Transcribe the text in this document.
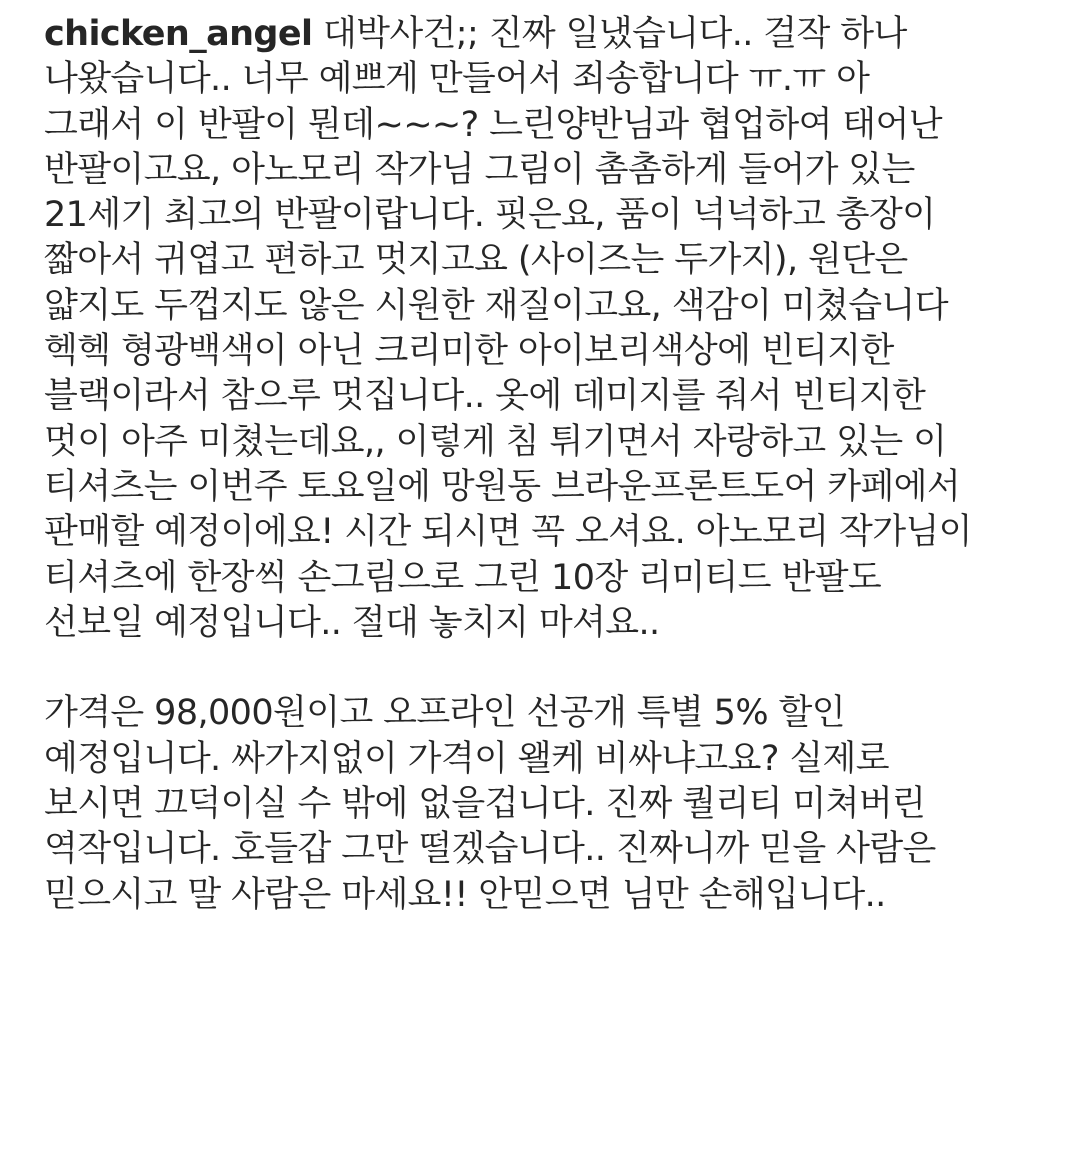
chicken_angel 대박사건;; 진짜 일냈습니다.. 걸작 하나
나왔습니다.. 너무 예쁘게 만들어서 죄송합니다 ㅠ.ㅠ 아
그래서 이 반팔이 뭔데~~~? 느린양반님과 협업하여 태어난
반팔이고요, 아노모리 작가님 그림이 촘촘하게 들어가 있는
21세기 최고의 반팔이랍니다. 핏은요, 품이 넉넉하고 총장이
짧아서 귀엽고 편하고 멋지고요 (사이즈는 두가지), 원단은
얇지도 두껍지도 않은 시원한 재질이고요, 색감이 미쳤습니다
헥헥 형광백색이 아닌 크리미한 아이보리색상에 빈티지한
블랙이라서 참으루 멋집니다.. 옷에 데미지를 줘서 빈티지한
멋이 아주 미쳤는데요,, 이렇게 침 튀기면서 자랑하고 있는 이
티셔츠는 이번주 토요일에 망원동 브라운프론트도어 카페에서
판매할 예정이에요! 시간 되시면 꼭 오셔요. 아노모리 작가님이
티셔츠에 한장씩 손그림으로 그린 10장 리미티드 반팔도
선보일 예정입니다.. 절대 놓치지 마셔요..
가격은 98,000원이고 오프라인 선공개 특별 5% 할인
예정입니다. 싸가지없이 가격이 왤케 비싸냐고요? 실제로
보시면 끄덕이실 수 밖에 없을겁니다. 진짜 퀄리티 미쳐버린
역작입니다. 호들갑 그만 떨겠습니다.. 진짜니까 믿을 사람은
믿으시고 말 사람은 마세요!! 안믿으면 님만 손해입니다..
